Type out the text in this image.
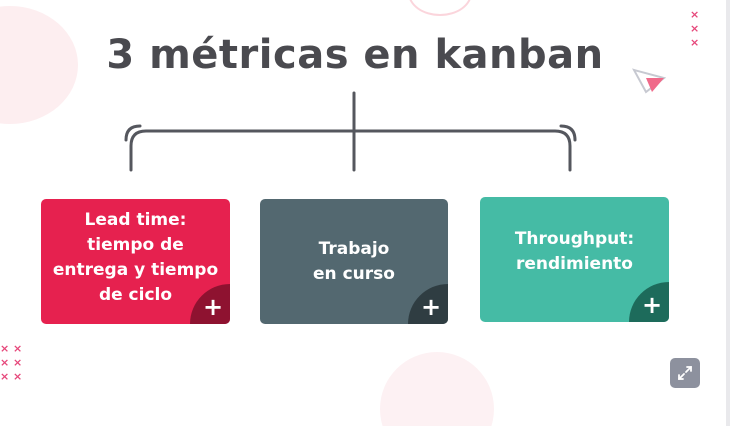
×
×
×
× ×
× ×
× ×
3 métricas en kanban
Lead time: tiempo de entrega y tiempo de ciclo	+
Trabajo en curso
+
Throughput: rendimiento
+
